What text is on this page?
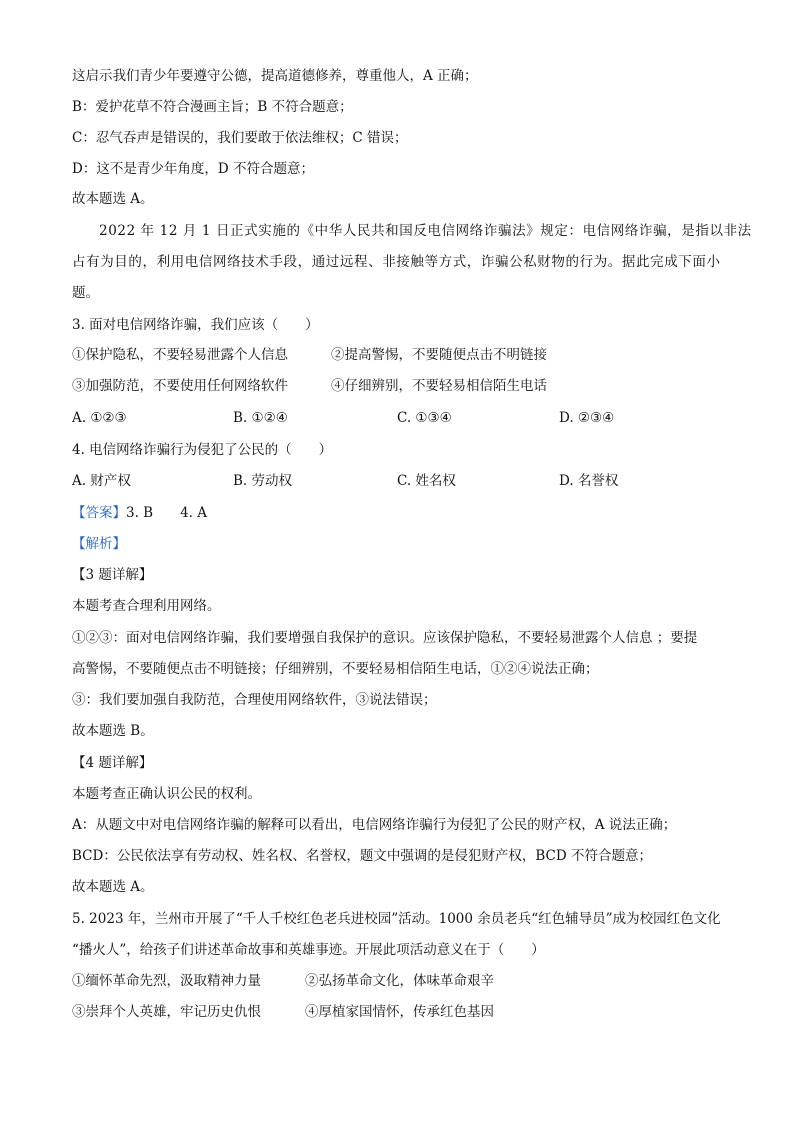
这启示我们青少年要遵守公德，提高道德修养，尊重他人，A 正确；
B：爱护花草不符合漫画主旨；B 不符合题意；
C：忍气吞声是错误的，我们要敢于依法维权；C 错误；
D：这不是青少年角度，D 不符合题意；
故本题选 A。
2022 年 12 月 1 日正式实施的《中华人民共和国反电信网络诈骗法》规定：电信网络诈骗，是指以非法
占有为目的，利用电信网络技术手段，通过远程、非接触等方式，诈骗公私财物的行为。据此完成下面小
题。
3. 面对电信网络诈骗，我们应该（　　）
①保护隐私，不要轻易泄露个人信息	②提高警惕，不要随便点击不明链接
③加强防范，不要使用任何网络软件	④仔细辨别，不要轻易相信陌生电话
A. ①②③	B. ①②④	C. ①③④	D. ②③④
4. 电信网络诈骗行为侵犯了公民的（　　）
A. 财产权	B. 劳动权	C. 姓名权	D. 名誉权
【答案】3. B　　4. A
【解析】
【3 题详解】
本题考查合理利用网络。
①②③：面对电信网络诈骗，我们要增强自我保护的意识。应该保护隐私，不要轻易泄露个人信息 ；要提
高警惕，不要随便点击不明链接；仔细辨别，不要轻易相信陌生电话，①②④说法正确；
③：我们要加强自我防范，合理使用网络软件，③说法错误；
故本题选 B。
【4 题详解】
本题考查正确认识公民的权利。
A：从题文中对电信网络诈骗的解释可以看出，电信网络诈骗行为侵犯了公民的财产权，A 说法正确；
BCD：公民依法享有劳动权、姓名权、名誉权，题文中强调的是侵犯财产权，BCD 不符合题意；
故本题选 A。
5. 2023 年，兰州市开展了“千人千校红色老兵进校园”活动。1000 余员老兵“红色辅导员”成为校园红色文化
“播火人”，给孩子们讲述革命故事和英雄事迹。开展此项活动意义在于（　　）
①缅怀革命先烈，汲取精神力量	②弘扬革命文化，体味革命艰辛
③崇拜个人英雄，牢记历史仇恨	④厚植家国情怀，传承红色基因
